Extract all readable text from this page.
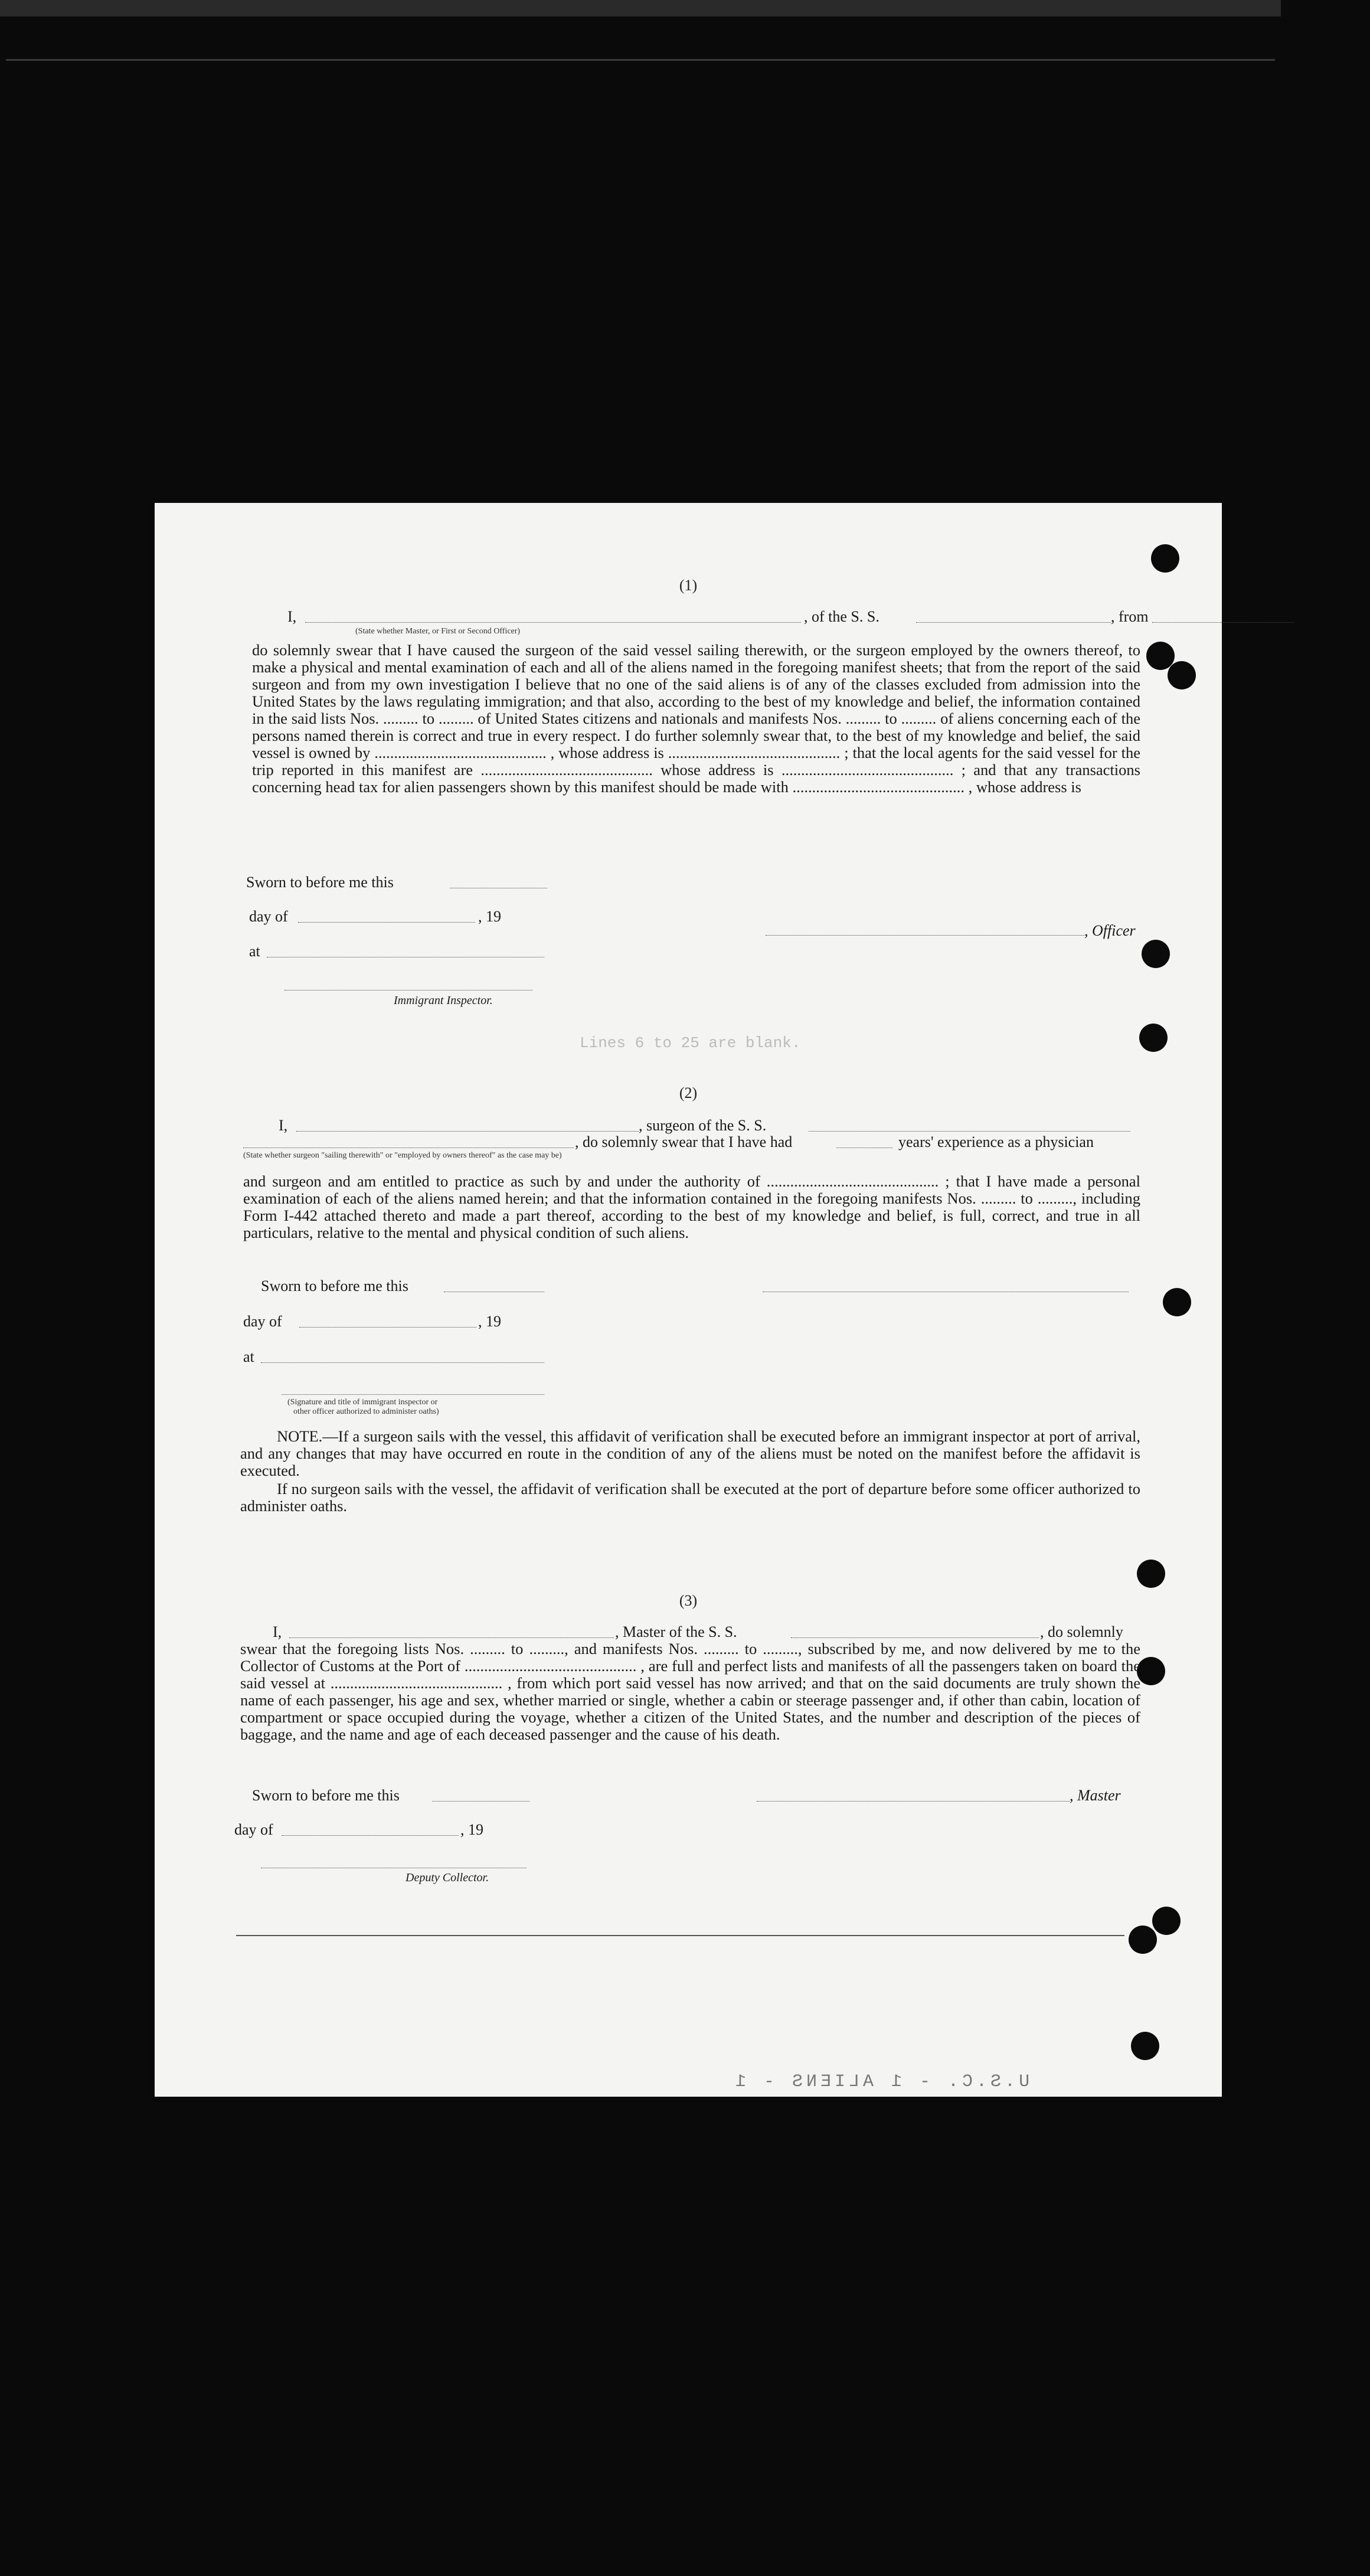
Lines 6 to 25 are blank.
(1)
I,	, of the S. S.	, from
(State whether Master, or First or Second Officer)
do solemnly swear that I have caused the surgeon of the said vessel sailing therewith, or the surgeon employed by the owners thereof, to make a physical and mental examination of each and all of the aliens named in the foregoing manifest sheets; that from the report of the said surgeon and from my own investigation I believe that no one of the said aliens is of any of the classes excluded from admission into the United States by the laws regulating immigration; and that also, according to the best of my knowledge and belief, the information contained in the said lists Nos. ......... to ......... of United States citizens and nationals and manifests Nos. ......... to ......... of aliens concerning each of the persons named therein is correct and true in every respect. I do further solemnly swear that, to the best of my knowledge and belief, the said vessel is owned by ............................................ , whose address is ............................................ ; that the local agents for the said vessel for the trip reported in this manifest are ............................................ whose address is ............................................ ; and that any transactions concerning head tax for alien passengers shown by this manifest should be made with ............................................ , whose address is
Sworn to before me this
day of	, 19
at
Immigrant Inspector.
, Officer
(2)
I,	, surgeon of the S. S.
, do solemnly swear that I have had	years' experience as a physician
(State whether surgeon "sailing therewith" or "employed by owners thereof" as the case may be)
and surgeon and am entitled to practice as such by and under the authority of ............................................ ; that I have made a personal examination of each of the aliens named herein; and that the information contained in the foregoing manifests Nos. ......... to ........., including Form I-442 attached thereto and made a part thereof, according to the best of my knowledge and belief, is full, correct, and true in all particulars, relative to the mental and physical condition of such aliens.
Sworn to before me this
day of	, 19
at
(Signature and title of immigrant inspector or
other officer authorized to administer oaths)
NOTE.—If a surgeon sails with the vessel, this affidavit of verification shall be executed before an immigrant inspector at port of arrival, and any changes that may have occurred en route in the condition of any of the aliens must be noted on the manifest before the affidavit is executed.
If no surgeon sails with the vessel, the affidavit of verification shall be executed at the port of departure before some officer authorized to administer oaths.
(3)
I,	, Master of the S. S.	, do solemnly
swear that the foregoing lists Nos. ......... to ........., and manifests Nos. ......... to ........., subscribed by me, and now delivered by me to the Collector of Customs at the Port of ............................................ , are full and perfect lists and manifests of all the passengers taken on board the said vessel at ............................................ , from which port said vessel has now arrived; and that on the said documents are truly shown the name of each passenger, his age and sex, whether married or single, whether a cabin or steerage passenger and, if other than cabin, location of compartment or space occupied during the voyage, whether a citizen of the United States, and the number and description of the pieces of baggage, and the name and age of each deceased passenger and the cause of his death.
Sworn to before me this	, Master
day of	, 19
Deputy Collector.
U.S.C. - 1 ALIENS - 1
